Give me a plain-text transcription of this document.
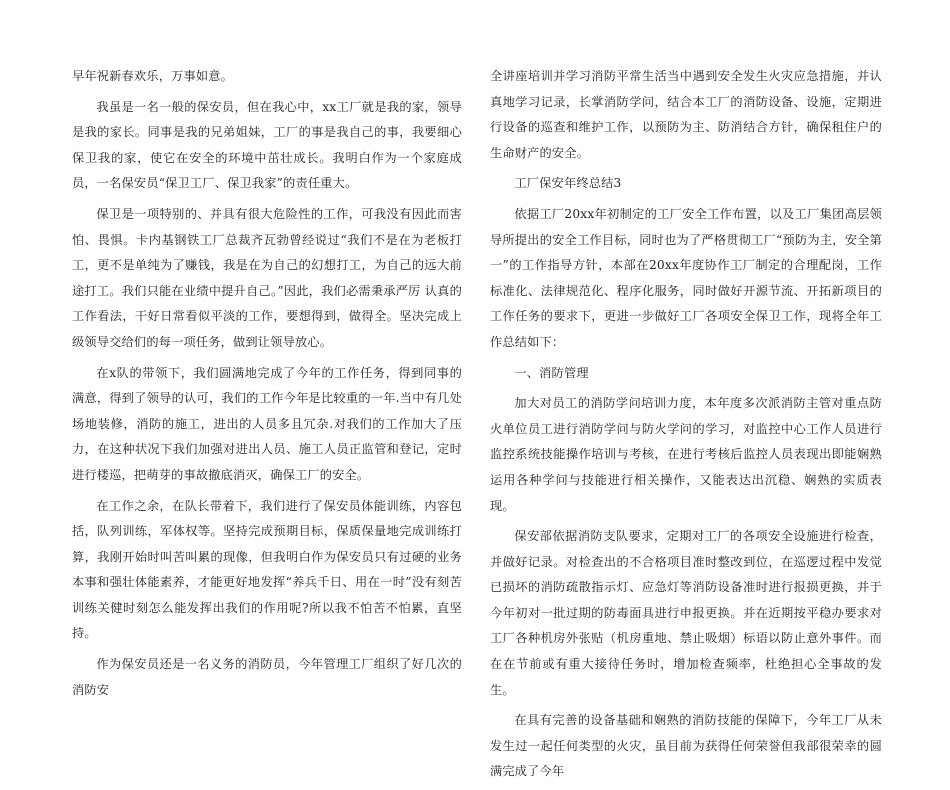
早年祝新春欢乐，万事如意。

我虽是一名一般的保安员，但在我心中，xx工厂就是我的家，领导是我的家长。同事是我的兄弟姐妹，工厂的事是我自己的事，我要细心保卫我的家，使它在安全的环境中茁壮成长。我明白作为一个家庭成员，一名保安员“保卫工厂、保卫我家”的责任重大。

保卫是一项特别的、并具有很大危险性的工作，可我没有因此而害怕、畏惧。卡内基钢铁工厂总裁齐瓦勃曾经说过“我们不是在为老板打工，更不是单纯为了赚钱，我是在为自己的幻想打工，为自己的远大前途打工。我们只能在业绩中提升自己。”因此，我们必需秉承严厉 认真的工作看法，干好日常看似平淡的工作，要想得到，做得全。坚决完成上级领导交给们的每一项任务，做到让领导放心。

在x队的带领下，我们圆满地完成了今年的工作任务，得到同事的满意，得到了领导的认可，我们的工作今年是比较重的一年.当中有几处场地装修，消防的施工，进出的人员多且冗杂.对我们的工作加大了压力，在这种状况下我们加强对进出人员、施工人员正监管和登记，定时进行楼巡，把萌芽的事故撤底消灭，确保工厂的安全。

在工作之余，在队长带着下，我们进行了保安员体能训练，内容包括，队列训练，军体权等。坚持完成预期目标，保质保量地完成训练打算，我刚开始时叫苦叫累的现像，但我明白作为保安员只有过硬的业务本事和强壮体能素养，才能更好地发挥“养兵千日、用在一时”没有刻苦训练关健时刻怎么能发挥出我们的作用呢?所以我不怕苦不怕累，直坚持。

作为保安员还是一名义务的消防员，今年管理工厂组织了好几次的消防安

全讲座培训并学习消防平常生活当中遇到安全发生火灾应急措施，并认真地学习记录，长掌消防学问，结合本工厂的消防设备、设施，定期进行设备的巡查和维护工作，以预防为主、防消结合方针，确保租住户的生命财产的安全。

工厂保安年终总结3

依据工厂20xx年初制定的工厂安全工作布置，以及工厂集团高层领导所提出的安全工作目标，同时也为了严格贯彻工厂“预防为主，安全第一”的工作指导方针，本部在20xx年度协作工厂制定的合理配岗，工作标准化、法律规范化、程序化服务，同时做好开源节流、开拓新项目的工作任务的要求下，更进一步做好工厂各项安全保卫工作，现将全年工作总结如下：

一、消防管理

加大对员工的消防学问培训力度，本年度多次派消防主管对重点防火单位员工进行消防学问与防火学问的学习，对监控中心工作人员进行监控系统技能操作培训与考核，在进行考核后监控人员表现出即能娴熟运用各种学问与技能进行相关操作，又能表达出沉稳、娴熟的实质表现。

保安部依据消防支队要求，定期对工厂的各项安全设施进行检查，并做好记录。对检查出的不合格项目准时整改到位，在巡逻过程中发觉已损坏的消防疏散指示灯、应急灯等消防设备准时进行报损更换，并于今年初对一批过期的防毒面具进行申报更换。并在近期按平稳办要求对工厂各种机房外张贴（机房重地、禁止吸烟）标语以防止意外事件。而在在节前或有重大接待任务时，增加检查频率，杜绝担心全事故的发生。

在具有完善的设备基础和娴熟的消防技能的保障下，今年工厂从未发生过一起任何类型的火灾，虽目前为获得任何荣誉但我部很荣幸的圆满完成了今年
